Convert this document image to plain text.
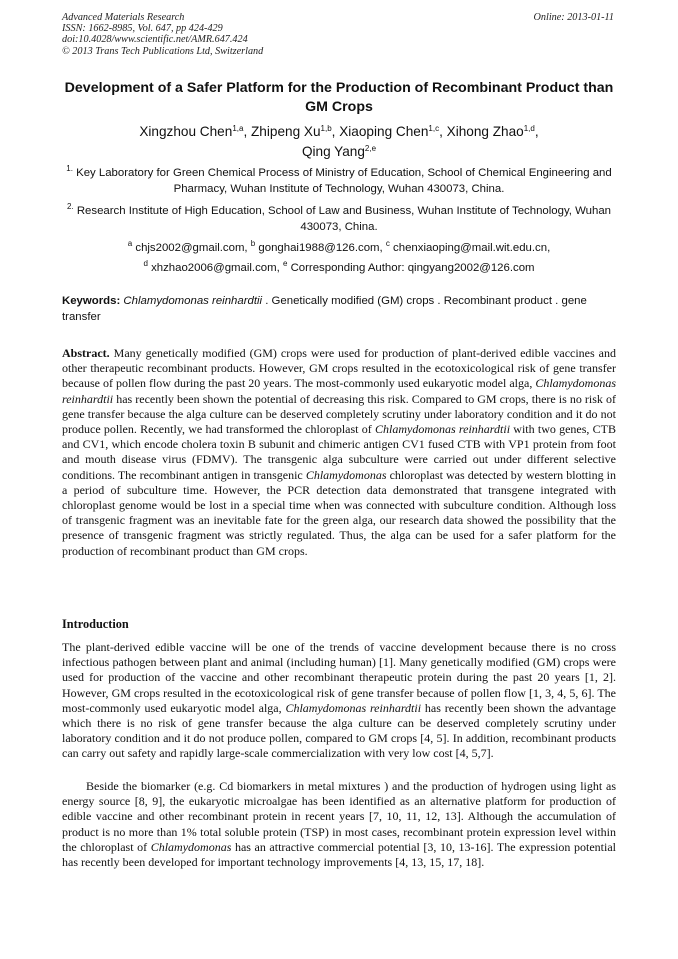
Advanced Materials Research
ISSN: 1662-8985, Vol. 647, pp 424-429
doi:10.4028/www.scientific.net/AMR.647.424
© 2013 Trans Tech Publications Ltd, Switzerland
Online: 2013-01-11
Development of a Safer Platform for the Production of Recombinant Product than GM Crops
Xingzhou Chen$^{1,a}$, Zhipeng Xu$^{1,b}$, Xiaoping Chen$^{1,c}$, Xihong Zhao$^{1,d}$,
Qing Yang$^{2,e}$
$^{1.}$ Key Laboratory for Green Chemical Process of Ministry of Education, School of Chemical Engineering and Pharmacy, Wuhan Institute of Technology, Wuhan 430073, China.
$^{2.}$ Research Institute of High Education, School of Law and Business, Wuhan Institute of Technology, Wuhan 430073, China.
$^a$ chjs2002@gmail.com, $^b$ gonghai1988@126.com, $^c$ chenxiaoping@mail.wit.edu.cn,
$^d$ xhzhao2006@gmail.com, $^e$ Corresponding Author: qingyang2002@126.com
Keywords: Chlamydomonas reinhardtii . Genetically modified (GM) crops . Recombinant product . gene transfer
Abstract. Many genetically modified (GM) crops were used for production of plant-derived edible vaccines and other therapeutic recombinant products. However, GM crops resulted in the ecotoxicological risk of gene transfer because of pollen flow during the past 20 years. The most-commonly used eukaryotic model alga, Chlamydomonas reinhardtii has recently been shown the potential of decreasing this risk. Compared to GM crops, there is no risk of gene transfer because the alga culture can be deserved completely scrutiny under laboratory condition and it do not produce pollen. Recently, we had transformed the chloroplast of Chlamydomonas reinhardtii with two genes, CTB and CV1, which encode cholera toxin B subunit and chimeric antigen CV1 fused CTB with VP1 protein from foot and mouth disease virus (FDMV). The transgenic alga subculture were carried out under different selective conditions. The recombinant antigen in transgenic Chlamydomonas chloroplast was detected by western blotting in a period of subculture time. However, the PCR detection data demonstrated that transgene integrated with chloroplast genome would be lost in a special time when was connected with subculture condition. Although loss of transgenic fragment was an inevitable fate for the green alga, our research data showed the possibility that the presence of transgenic fragment was strictly regulated. Thus, the alga can be used for a safer platform for the production of recombinant product than GM crops.
Introduction
The plant-derived edible vaccine will be one of the trends of vaccine development because there is no cross infectious pathogen between plant and animal (including human) [1]. Many genetically modified (GM) crops were used for production of the vaccine and other recombinant therapeutic protein during the past 20 years [1, 2]. However, GM crops resulted in the ecotoxicological risk of gene transfer because of pollen flow [1, 3, 4, 5, 6]. The most-commonly used eukaryotic model alga, Chlamydomonas reinhardtii has recently been shown the advantage which there is no risk of gene transfer because the alga culture can be deserved completely scrutiny under laboratory condition and it do not produce pollen, compared to GM crops [4, 5]. In addition, recombinant products can carry out safety and rapidly large-scale commercialization with very low cost [4, 5,7].
Beside the biomarker (e.g. Cd biomarkers in metal mixtures ) and the production of hydrogen using light as energy source [8, 9], the eukaryotic microalgae has been identified as an alternative platform for production of edible vaccine and other recombinant protein in recent years [7, 10, 11, 12, 13]. Although the accumulation of product is no more than 1% total soluble protein (TSP) in most cases, recombinant protein expression level within the chloroplast of Chlamydomonas has an attractive commercial potential [3, 10, 13-16]. The expression potential has recently been developed for important technology improvements [4, 13, 15, 17, 18].
